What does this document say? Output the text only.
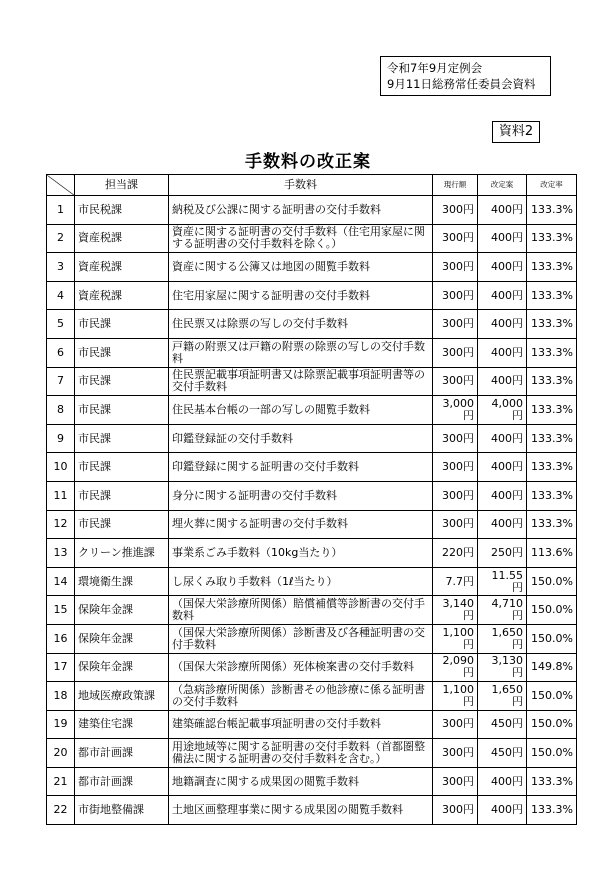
令和7年9月定例会
9月11日総務常任委員会資料
資料2
手数料の改正案
	担当課	手数料	現行額	改定案	改定率
1	市民税課	納税及び公課に関する証明書の交付手数料	300円	400円	133.3%
2	資産税課	資産に関する証明書の交付手数料（住宅用家屋に関する証明書の交付手数料を除く。）	300円	400円	133.3%
3	資産税課	資産に関する公簿又は地図の閲覧手数料	300円	400円	133.3%
4	資産税課	住宅用家屋に関する証明書の交付手数料	300円	400円	133.3%
5	市民課	住民票又は除票の写しの交付手数料	300円	400円	133.3%
6	市民課	戸籍の附票又は戸籍の附票の除票の写しの交付手数料	300円	400円	133.3%
7	市民課	住民票記載事項証明書又は除票記載事項証明書等の交付手数料	300円	400円	133.3%
8	市民課	住民基本台帳の一部の写しの閲覧手数料	3,000円	4,000円	133.3%
9	市民課	印鑑登録証の交付手数料	300円	400円	133.3%
10	市民課	印鑑登録に関する証明書の交付手数料	300円	400円	133.3%
11	市民課	身分に関する証明書の交付手数料	300円	400円	133.3%
12	市民課	埋火葬に関する証明書の交付手数料	300円	400円	133.3%
13	クリーン推進課	事業系ごみ手数料（10kg当たり）	220円	250円	113.6%
14	環境衛生課	し尿くみ取り手数料（1ℓ当たり）	7.7円	11.55円	150.0%
15	保険年金課	（国保大栄診療所関係）賠償補償等診断書の交付手数料	3,140円	4,710円	150.0%
16	保険年金課	（国保大栄診療所関係）診断書及び各種証明書の交付手数料	1,100円	1,650円	150.0%
17	保険年金課	（国保大栄診療所関係）死体検案書の交付手数料	2,090円	3,130円	149.8%
18	地域医療政策課	（急病診療所関係）診断書その他診療に係る証明書の交付手数料	1,100円	1,650円	150.0%
19	建築住宅課	建築確認台帳記載事項証明書の交付手数料	300円	450円	150.0%
20	都市計画課	用途地域等に関する証明書の交付手数料（首都圏整備法に関する証明書の交付手数料を含む。）	300円	450円	150.0%
21	都市計画課	地籍調査に関する成果図の閲覧手数料	300円	400円	133.3%
22	市街地整備課	土地区画整理事業に関する成果図の閲覧手数料	300円	400円	133.3%
